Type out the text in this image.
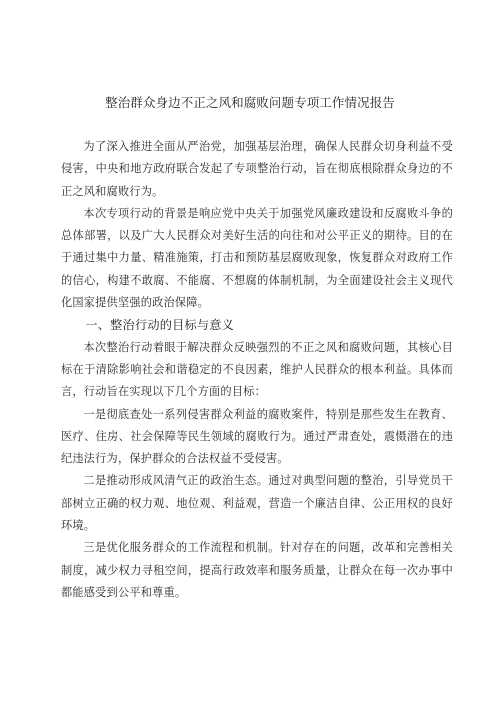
整治群众身边不正之风和腐败问题专项工作情况报告

为了深入推进全面从严治党，加强基层治理，确保人民群众切身利益不受侵害，中央和地方政府联合发起了专项整治行动，旨在彻底根除群众身边的不正之风和腐败行为。

本次专项行动的背景是响应党中央关于加强党风廉政建设和反腐败斗争的总体部署，以及广大人民群众对美好生活的向往和对公平正义的期待。目的在于通过集中力量、精准施策，打击和预防基层腐败现象，恢复群众对政府工作的信心，构建不敢腐、不能腐、不想腐的体制机制，为全面建设社会主义现代化国家提供坚强的政治保障。

一、整治行动的目标与意义

本次整治行动着眼于解决群众反映强烈的不正之风和腐败问题，其核心目标在于清除影响社会和谐稳定的不良因素，维护人民群众的根本利益。具体而言，行动旨在实现以下几个方面的目标：

一是彻底查处一系列侵害群众利益的腐败案件，特别是那些发生在教育、医疗、住房、社会保障等民生领域的腐败行为。通过严肃查处，震慑潜在的违纪违法行为，保护群众的合法权益不受侵害。

二是推动形成风清气正的政治生态。通过对典型问题的整治，引导党员干部树立正确的权力观、地位观、利益观，营造一个廉洁自律、公正用权的良好环境。

三是优化服务群众的工作流程和机制。针对存在的问题，改革和完善相关制度，减少权力寻租空间，提高行政效率和服务质量，让群众在每一次办事中都能感受到公平和尊重。
